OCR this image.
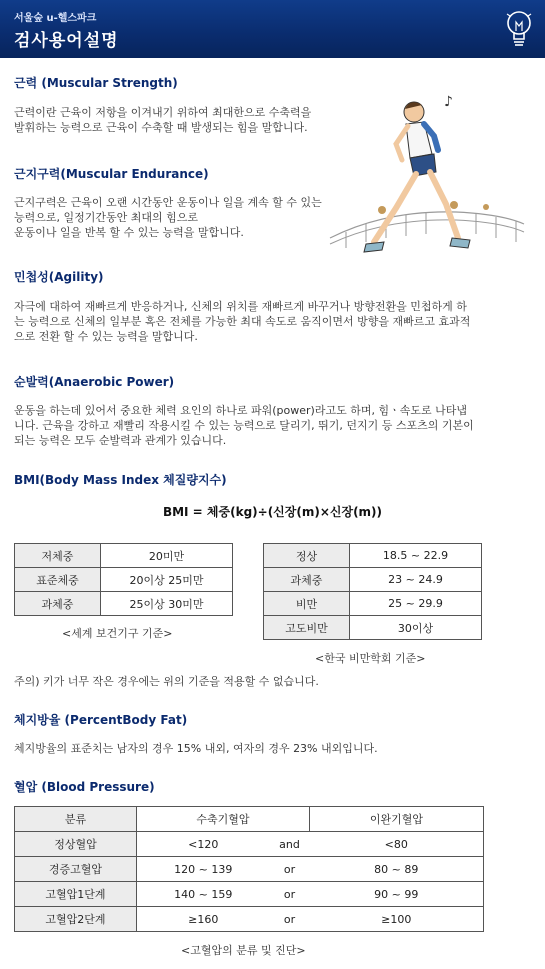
서울숲 u-헬스파크
검사용어설명
근력 (Muscular Strength)
근력이란 근육이 저항을 이겨내기 위하여 최대한으로 수축력을
발휘하는 능력으로 근육이 수축할 때 발생되는 힘을 말합니다.
♪
근지구력(Muscular Endurance)
근지구력은 근육이 오랜 시간동안 운동이나 일을 계속 할 수 있는
능력으로, 일정기간동안 최대의 힘으로
운동이나 일을 반복 할 수 있는 능력을 말합니다.
민첩성(Agility)
자극에 대하여 재빠르게 반응하거나, 신체의 위치를 재빠르게 바꾸거나 방향전환을 민첩하게 하
는 능력으로 신체의 일부분 혹은 전체를 가능한 최대 속도로 움직이면서 방향을 재빠르고 효과적
으로 전환 할 수 있는 능력을 말합니다.
순발력(Anaerobic Power)
운동을 하는데 있어서 중요한 체력 요인의 하나로 파워(power)라고도 하며, 힘ㆍ속도로 나타냅
니다. 근육을 강하고 재빨리 작용시킬 수 있는 능력으로 달리기, 뛰기, 던지기 등 스포츠의 기본이
되는 능력은 모두 순발력과 관계가 있습니다.
BMI(Body Mass Index 체질량지수)
BMI = 체중(kg)÷(신장(m)×신장(m))
저체중	20미만
표준체중	20이상 25미만
과체중	25이상 30미만
<세계 보건기구 기준>
정상	18.5 ~ 22.9
과체중	23 ~ 24.9
비만	25 ~ 29.9
고도비만	30이상
<한국 비만학회 기준>
주의) 키가 너무 작은 경우에는 위의 기준을 적용할 수 없습니다.
체지방율 (PercentBody Fat)
체지방율의 표준치는 남자의 경우 15% 내외, 여자의 경우 23% 내외입니다.
혈압 (Blood Pressure)
분류	수축기혈압		이완기혈압
정상혈압	<120	and	<80
경증고혈압	120 ~ 139	or	80 ~ 89
고혈압1단계	140 ~ 159	or	90 ~ 99
고혈압2단계	≥160	or	≥100
<고혈압의 분류 및 진단>
